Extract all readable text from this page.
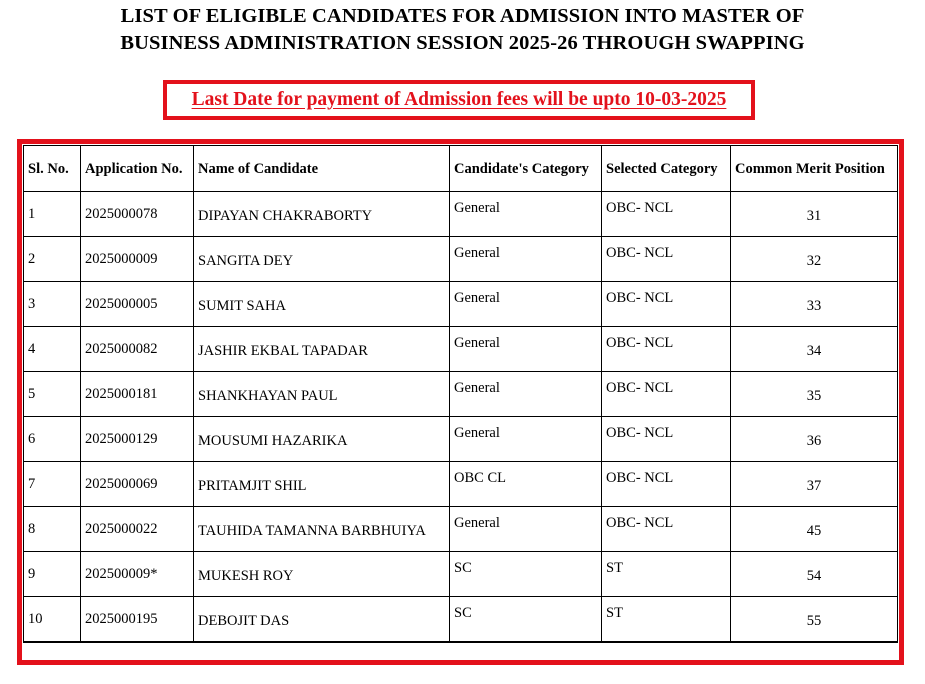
LIST OF ELIGIBLE CANDIDATES FOR ADMISSION INTO MASTER OF
BUSINESS ADMINISTRATION SESSION 2025-26 THROUGH SWAPPING
Last Date for payment of Admission fees will be upto 10-03-2025
Sl. No.	Application No.	Name of Candidate	Candidate's Category	Selected Category	Common Merit Position
1	2025000078	DIPAYAN CHAKRABORTY	General	OBC- NCL	31
2	2025000009	SANGITA DEY	General	OBC- NCL	32
3	2025000005	SUMIT SAHA	General	OBC- NCL	33
4	2025000082	JASHIR EKBAL TAPADAR	General	OBC- NCL	34
5	2025000181	SHANKHAYAN PAUL	General	OBC- NCL	35
6	2025000129	MOUSUMI HAZARIKA	General	OBC- NCL	36
7	2025000069	PRITAMJIT SHIL	OBC CL	OBC- NCL	37
8	2025000022	TAUHIDA TAMANNA BARBHUIYA	General	OBC- NCL	45
9	202500009*	MUKESH ROY	SC	ST	54
10	2025000195	DEBOJIT DAS	SC	ST	55
